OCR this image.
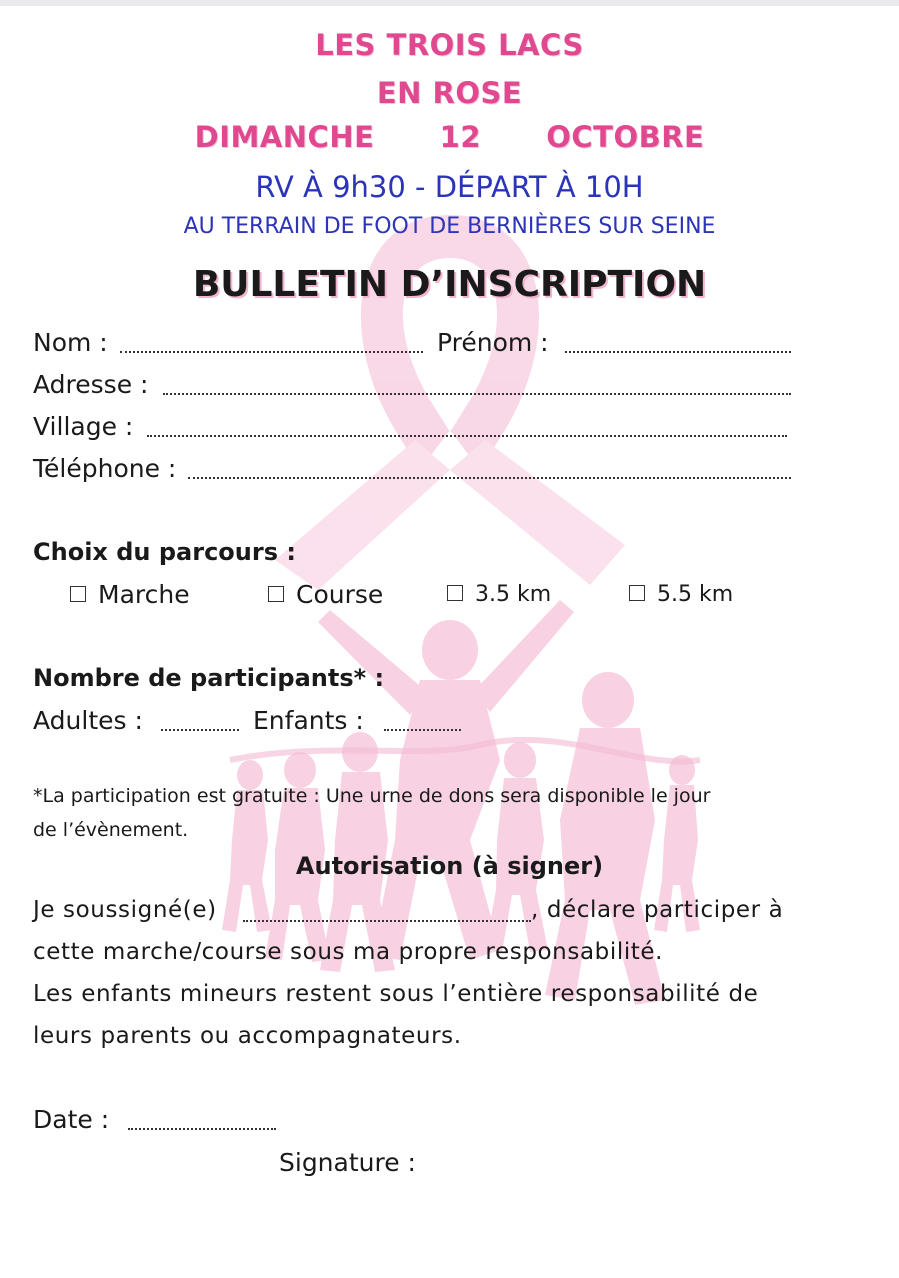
LES TROIS LACS
EN ROSE
DIMANCHE 12 OCTOBRE
RV À 9h30 - DÉPART À 10H
AU TERRAIN DE FOOT DE BERNIÈRES SUR SEINE
BULLETIN D’INSCRIPTION
Nom :	Prénom :
Adresse :
Village :
Téléphone :
Choix du parcours :
Marche	Course	3.5 km	5.5 km
Nombre de participants* :
Adultes :	Enfants :
*La participation est gratuite : Une urne de dons sera disponible le jour
de l’évènement.
Autorisation (à signer)
Je soussigné(e)	, déclare participer à
cette marche/course sous ma propre responsabilité.
Les enfants mineurs restent sous l’entière responsabilité de
leurs parents ou accompagnateurs.
Date :
Signature :
